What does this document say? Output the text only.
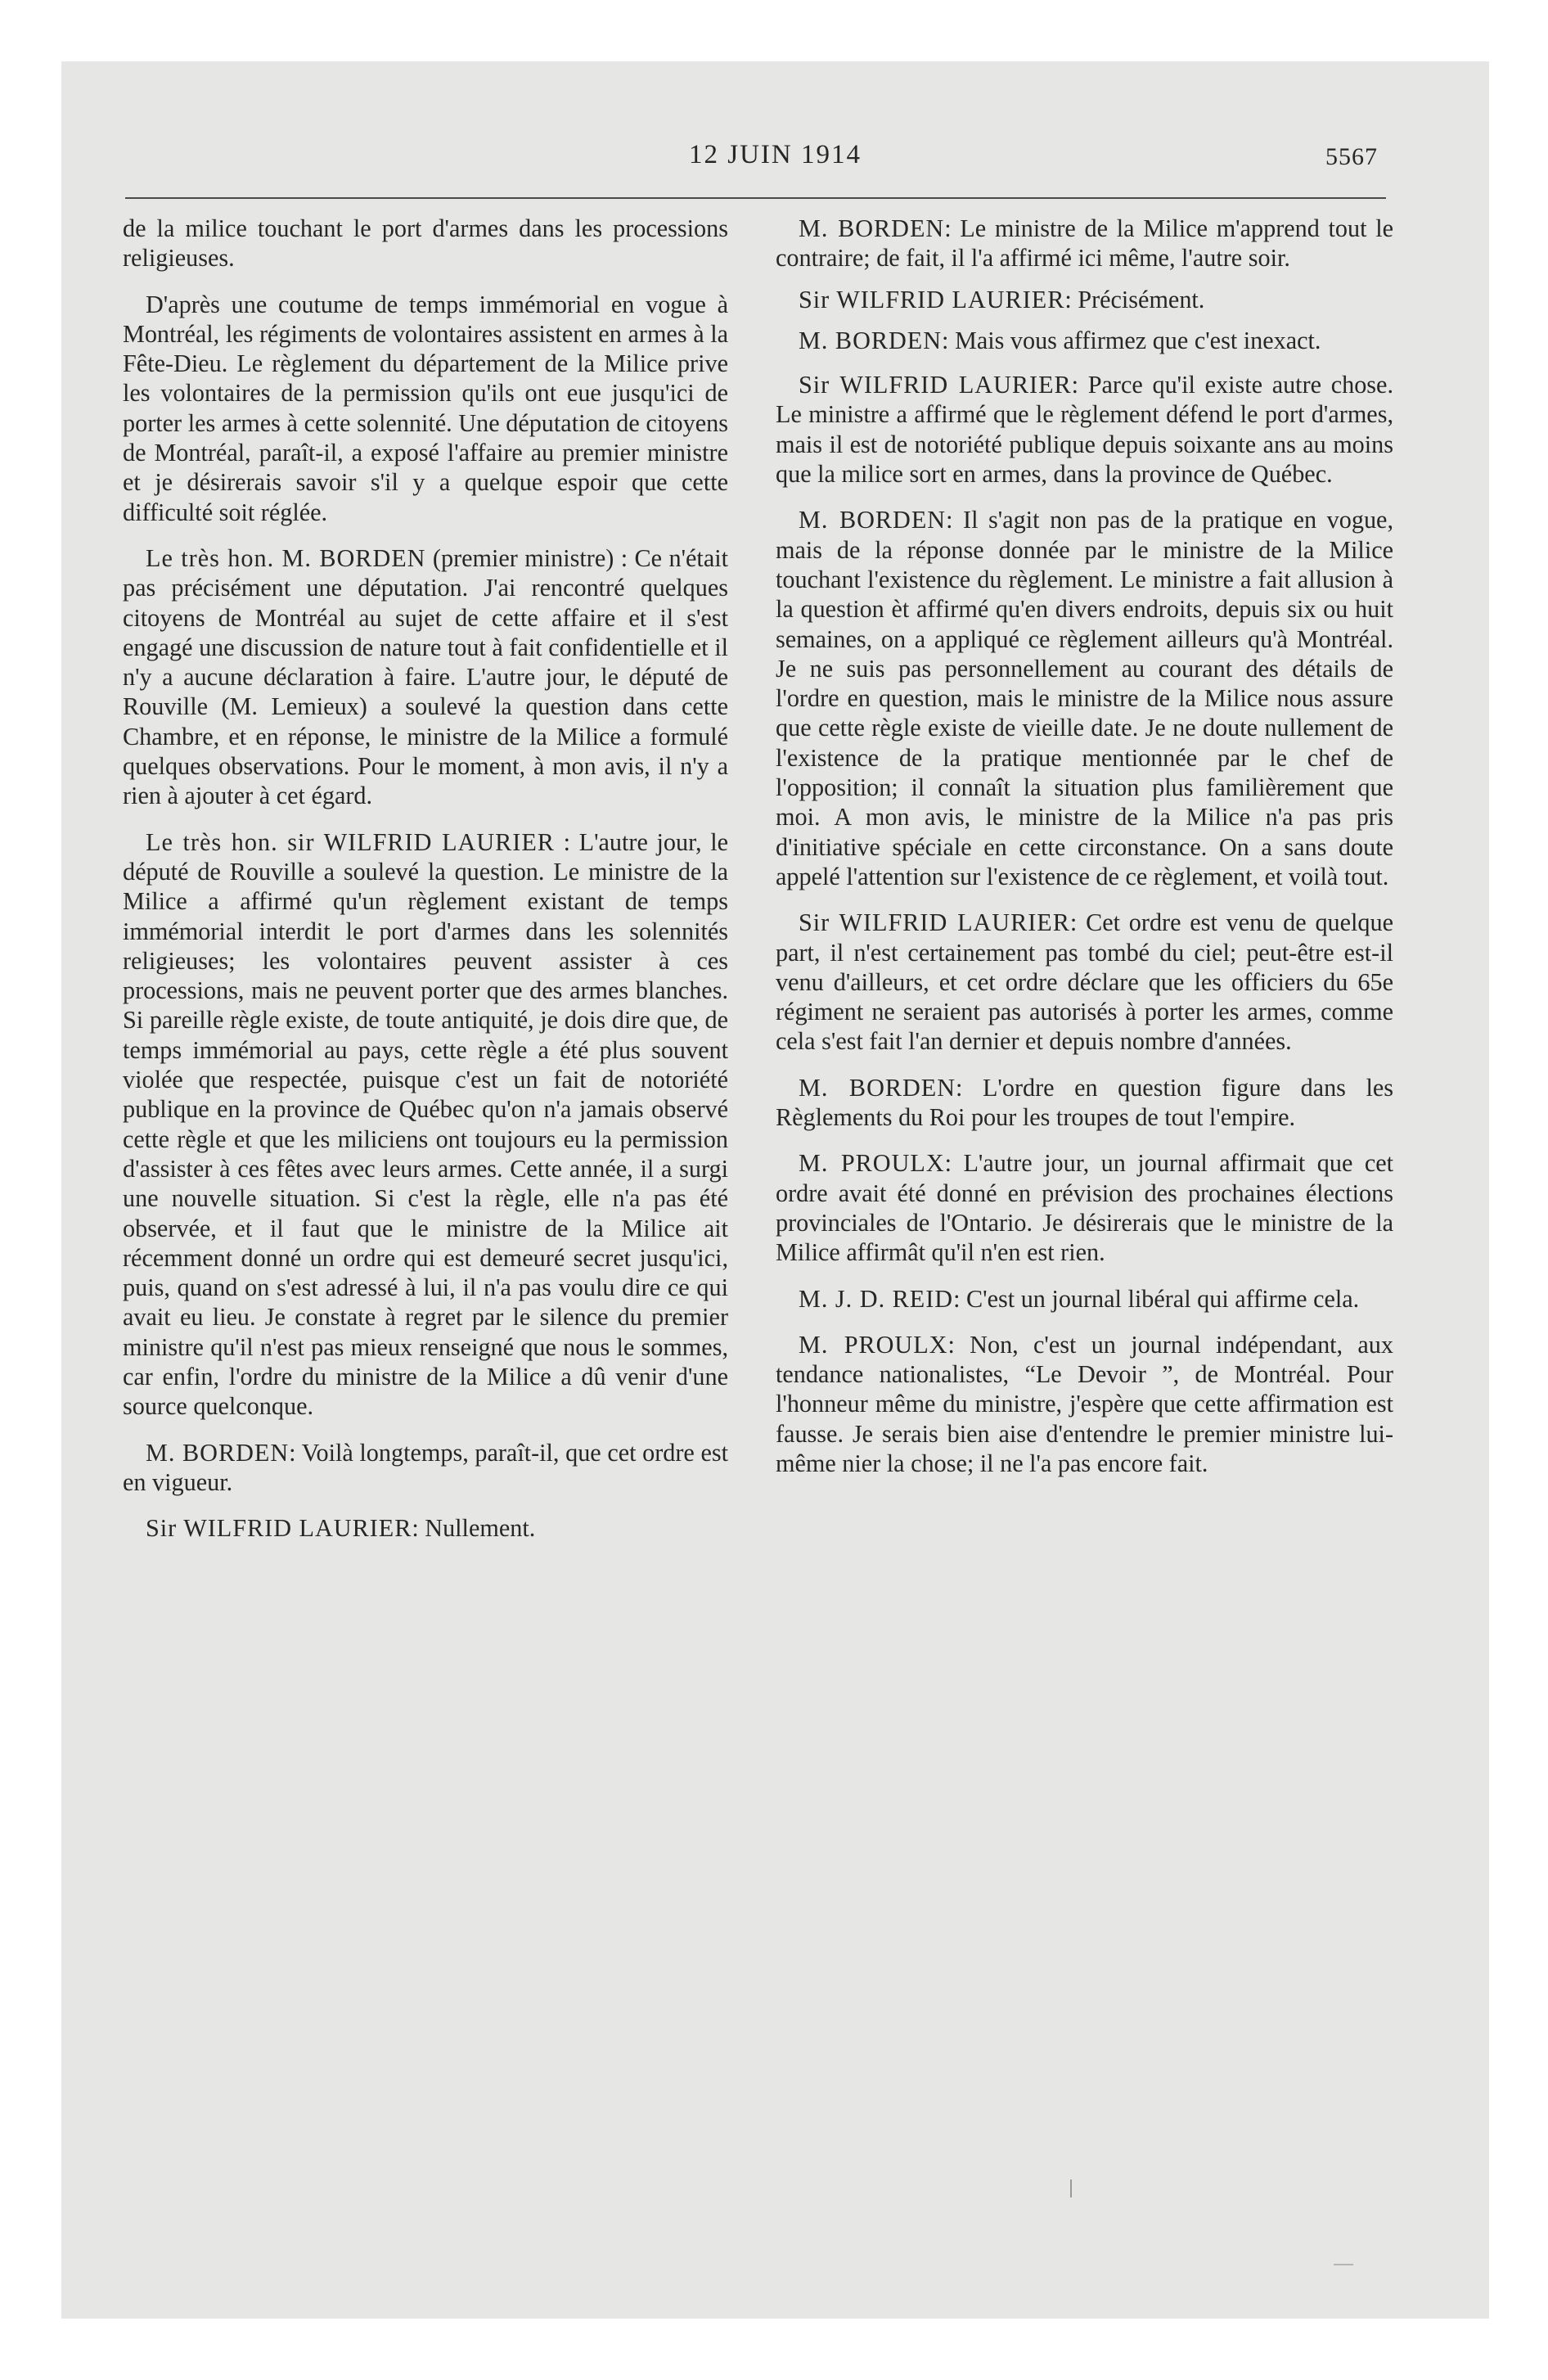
12 JUIN 1914	5567

de la milice touchant le port d'armes dans les processions religieuses.

D'après une coutume de temps immémorial en vogue à Montréal, les régiments de volontaires assistent en armes à la Fête-Dieu. Le règlement du département de la Milice prive les volontaires de la permission qu'ils ont eue jusqu'ici de porter les armes à cette solennité. Une députation de citoyens de Montréal, paraît-il, a exposé l'affaire au premier ministre et je désirerais savoir s'il y a quelque espoir que cette difficulté soit réglée.

Le très hon. M. BORDEN (premier ministre) : Ce n'était pas précisément une députation. J'ai rencontré quelques citoyens de Montréal au sujet de cette affaire et il s'est engagé une discussion de nature tout à fait confidentielle et il n'y a aucune déclaration à faire. L'autre jour, le député de Rouville (M. Lemieux) a soulevé la question dans cette Chambre, et en réponse, le ministre de la Milice a formulé quelques observations. Pour le moment, à mon avis, il n'y a rien à ajouter à cet égard.

Le très hon. sir WILFRID LAURIER : L'autre jour, le député de Rouville a soulevé la question. Le ministre de la Milice a affirmé qu'un règlement existant de temps immémorial interdit le port d'armes dans les solennités religieuses; les volontaires peuvent assister à ces processions, mais ne peuvent porter que des armes blanches. Si pareille règle existe, de toute antiquité, je dois dire que, de temps immémorial au pays, cette règle a été plus souvent violée que respectée, puisque c'est un fait de notoriété publique en la province de Québec qu'on n'a jamais observé cette règle et que les miliciens ont toujours eu la permission d'assister à ces fêtes avec leurs armes. Cette année, il a surgi une nouvelle situation. Si c'est la règle, elle n'a pas été observée, et il faut que le ministre de la Milice ait récemment donné un ordre qui est demeuré secret jusqu'ici, puis, quand on s'est adressé à lui, il n'a pas voulu dire ce qui avait eu lieu. Je constate à regret par le silence du premier ministre qu'il n'est pas mieux renseigné que nous le sommes, car enfin, l'ordre du ministre de la Milice a dû venir d'une source quelconque.

M. BORDEN: Voilà longtemps, paraît-il, que cet ordre est en vigueur.

Sir WILFRID LAURIER: Nullement.

M. BORDEN: Le ministre de la Milice m'apprend tout le contraire; de fait, il l'a affirmé ici même, l'autre soir.

Sir WILFRID LAURIER: Précisément.

M. BORDEN: Mais vous affirmez que c'est inexact.

Sir WILFRID LAURIER: Parce qu'il existe autre chose. Le ministre a affirmé que le règlement défend le port d'armes, mais il est de notoriété publique depuis soixante ans au moins que la milice sort en armes, dans la province de Québec.

M. BORDEN: Il s'agit non pas de la pratique en vogue, mais de la réponse donnée par le ministre de la Milice touchant l'existence du règlement. Le ministre a fait allusion à la question èt affirmé qu'en divers endroits, depuis six ou huit semaines, on a appliqué ce règlement ailleurs qu'à Montréal. Je ne suis pas personnellement au courant des détails de l'ordre en question, mais le ministre de la Milice nous assure que cette règle existe de vieille date. Je ne doute nullement de l'existence de la pratique mentionnée par le chef de l'opposition; il connaît la situation plus familièrement que moi. A mon avis, le ministre de la Milice n'a pas pris d'initiative spéciale en cette circonstance. On a sans doute appelé l'attention sur l'existence de ce règlement, et voilà tout.

Sir WILFRID LAURIER: Cet ordre est venu de quelque part, il n'est certainement pas tombé du ciel; peut-être est-il venu d'ailleurs, et cet ordre déclare que les officiers du 65e régiment ne seraient pas autorisés à porter les armes, comme cela s'est fait l'an dernier et depuis nombre d'années.

M. BORDEN: L'ordre en question figure dans les Règlements du Roi pour les troupes de tout l'empire.

M. PROULX: L'autre jour, un journal affirmait que cet ordre avait été donné en prévision des prochaines élections provinciales de l'Ontario. Je désirerais que le ministre de la Milice affirmât qu'il n'en est rien.

M. J. D. REID: C'est un journal libéral qui affirme cela.

M. PROULX: Non, c'est un journal indépendant, aux tendance nationalistes, “Le Devoir ”, de Montréal. Pour l'honneur même du ministre, j'espère que cette affirmation est fausse. Je serais bien aise d'entendre le premier ministre lui-même nier la chose; il ne l'a pas encore fait.
